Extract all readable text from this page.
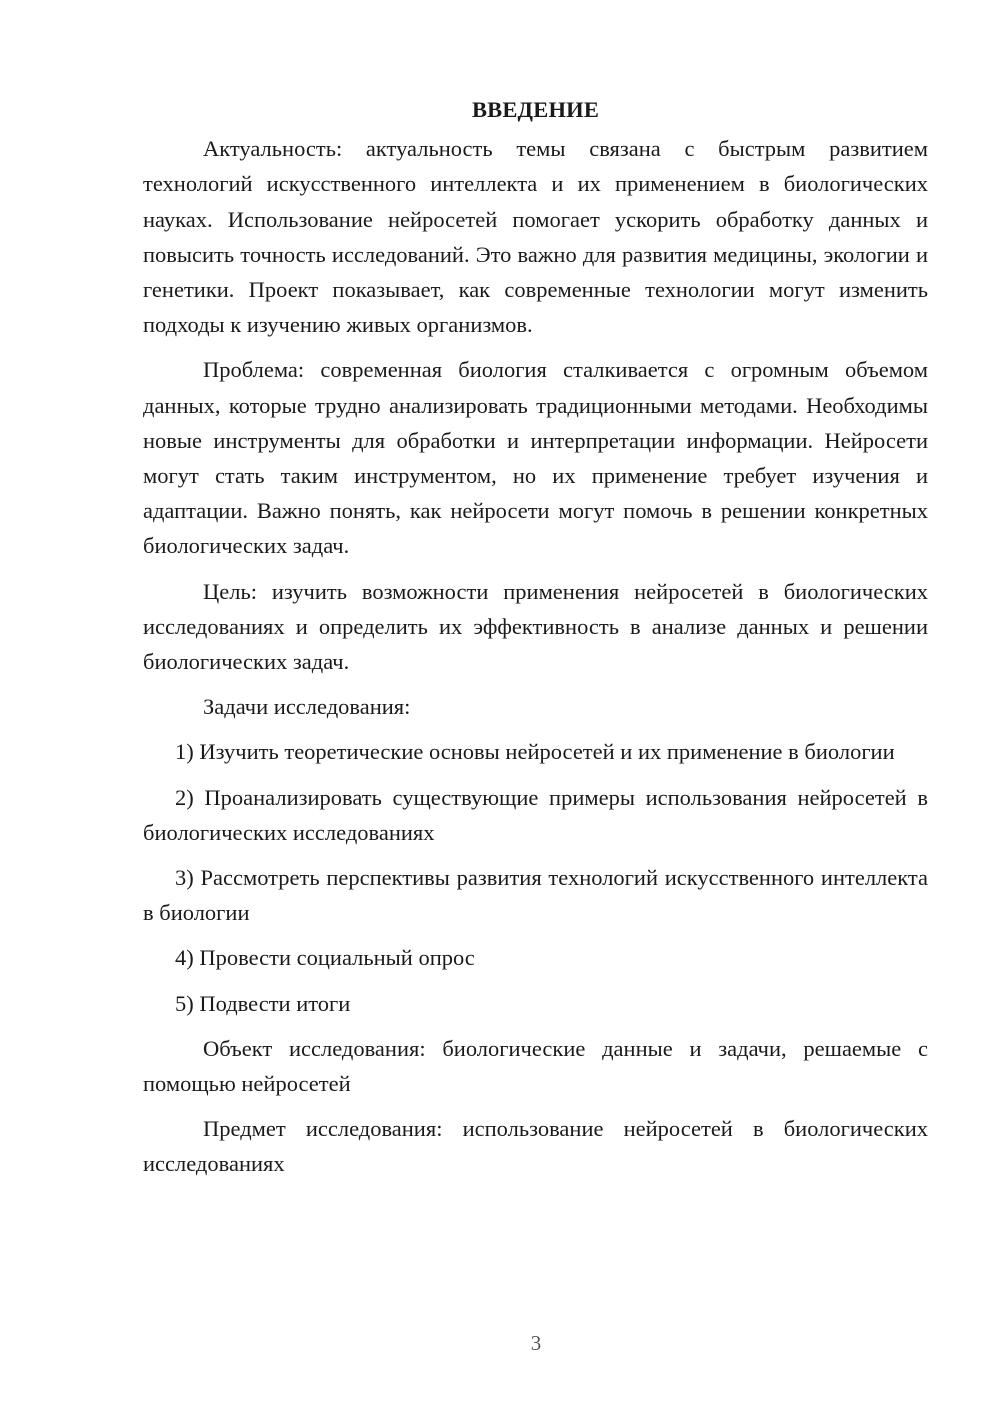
ВВЕДЕНИЕ

Актуальность: актуальность темы связана с быстрым развитием технологий искусственного интеллекта и их применением в биологических науках. Использование нейросетей помогает ускорить обработку данных и повысить точность исследований. Это важно для развития медицины, экологии и генетики. Проект показывает, как современные технологии могут изменить подходы к изучению живых организмов.

Проблема: современная биология сталкивается с огромным объемом данных, которые трудно анализировать традиционными методами. Необходимы новые инструменты для обработки и интерпретации информации. Нейросети могут стать таким инструментом, но их применение требует изучения и адаптации. Важно понять, как нейросети могут помочь в решении конкретных биологических задач.

Цель: изучить возможности применения нейросетей в биологических исследованиях и определить их эффективность в анализе данных и решении биологических задач.

Задачи исследования:

1) Изучить теоретические основы нейросетей и их применение в биологии

2) Проанализировать существующие примеры использования нейросетей в биологических исследованиях

3) Рассмотреть перспективы развития технологий искусственного интеллекта в биологии

4) Провести социальный опрос

5) Подвести итоги

Объект исследования: биологические данные и задачи, решаемые с помощью нейросетей

Предмет исследования: использование нейросетей в биологических исследованиях

3
